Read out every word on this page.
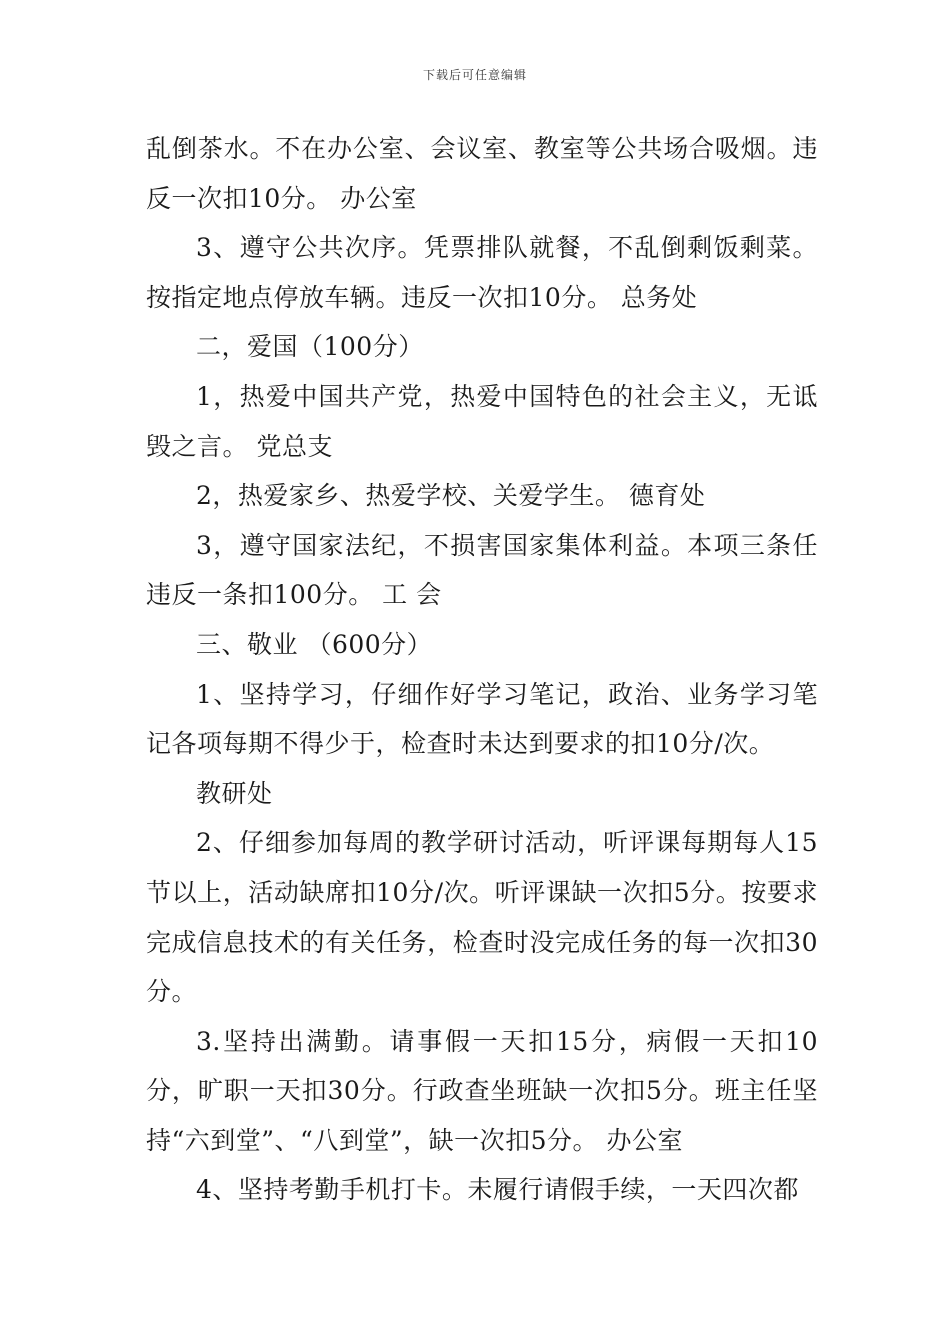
下载后可任意编辑

乱倒茶水。不在办公室、会议室、教室等公共场合吸烟。违反一次扣10分。 办公室

3、遵守公共次序。凭票排队就餐，不乱倒剩饭剩菜。按指定地点停放车辆。违反一次扣10分。 总务处

二，爱国（100分）

1，热爱中国共产党，热爱中国特色的社会主义，无诋毁之言。 党总支

2，热爱家乡、热爱学校、关爱学生。 德育处

3，遵守国家法纪，不损害国家集体利益。本项三条任违反一条扣100分。 工 会

三、敬业 （600分）

1、坚持学习，仔细作好学习笔记，政治、业务学习笔记各项每期不得少于，检查时未达到要求的扣10分/次。

教研处

2、仔细参加每周的教学研讨活动，听评课每期每人15节以上，活动缺席扣10分/次。听评课缺一次扣5分。按要求完成信息技术的有关任务，检查时没完成任务的每一次扣30分。

3.坚持出满勤。请事假一天扣15分，病假一天扣10分，旷职一天扣30分。行政查坐班缺一次扣5分。班主任坚持“六到堂”、“八到堂”，缺一次扣5分。 办公室

4、坚持考勤手机打卡。未履行请假手续，一天四次都
